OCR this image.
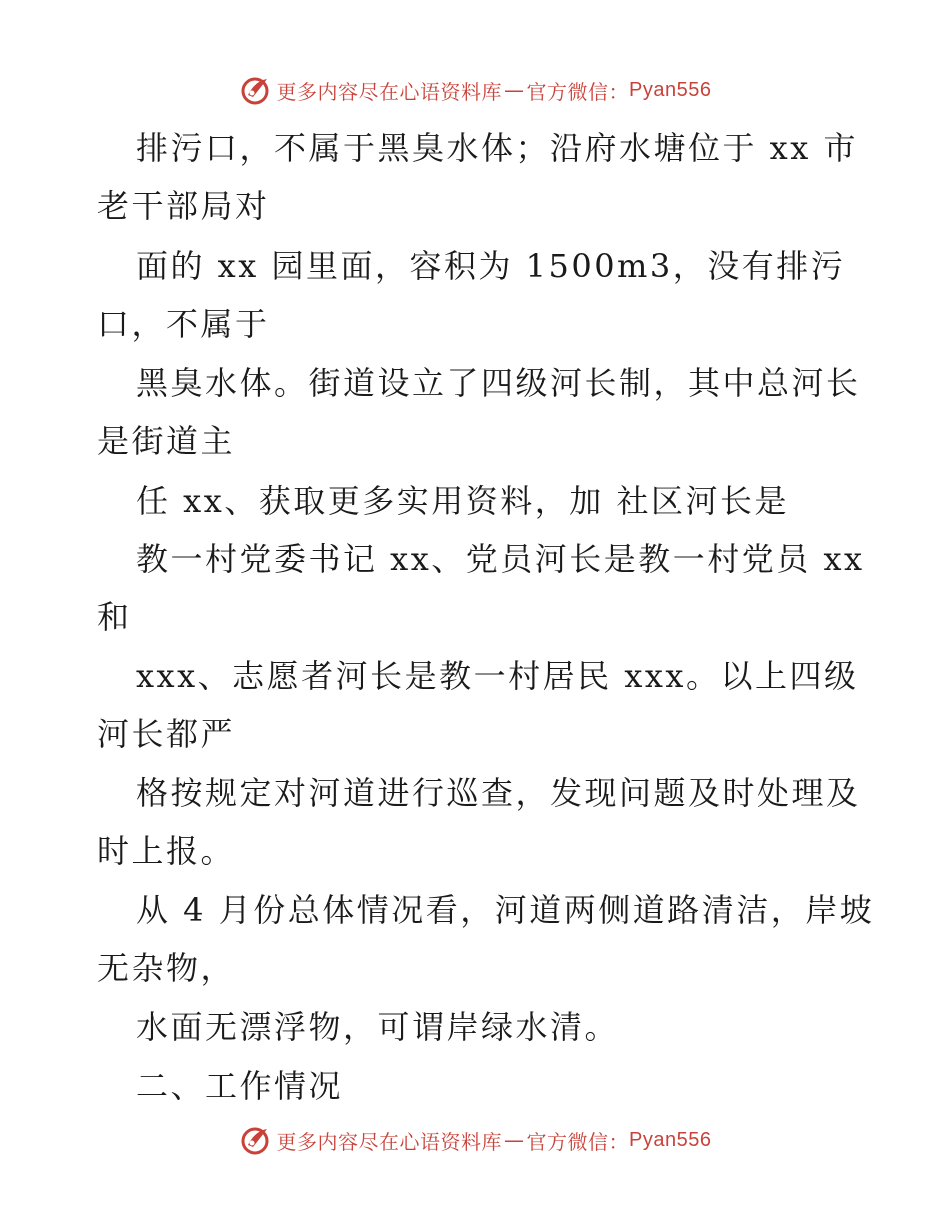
更多内容尽在心语资料库 — 官方微信： Pyan556
排污口，不属于黑臭水体；沿府水塘位于 xx 市
老干部局对
面的 xx 园里面，容积为 1500m3，没有排污
口，不属于
黑臭水体。街道设立了四级河长制，其中总河长
是街道主
任 xx、获取更多实用资料，加 社区河长是
教一村党委书记 xx、党员河长是教一村党员 xx
和
xxx、志愿者河长是教一村居民 xxx。以上四级
河长都严
格按规定对河道进行巡查，发现问题及时处理及
时上报。
从 4 月份总体情况看，河道两侧道路清洁，岸坡
无杂物，
水面无漂浮物，可谓岸绿水清。
二、工作情况
更多内容尽在心语资料库 — 官方微信： Pyan556
